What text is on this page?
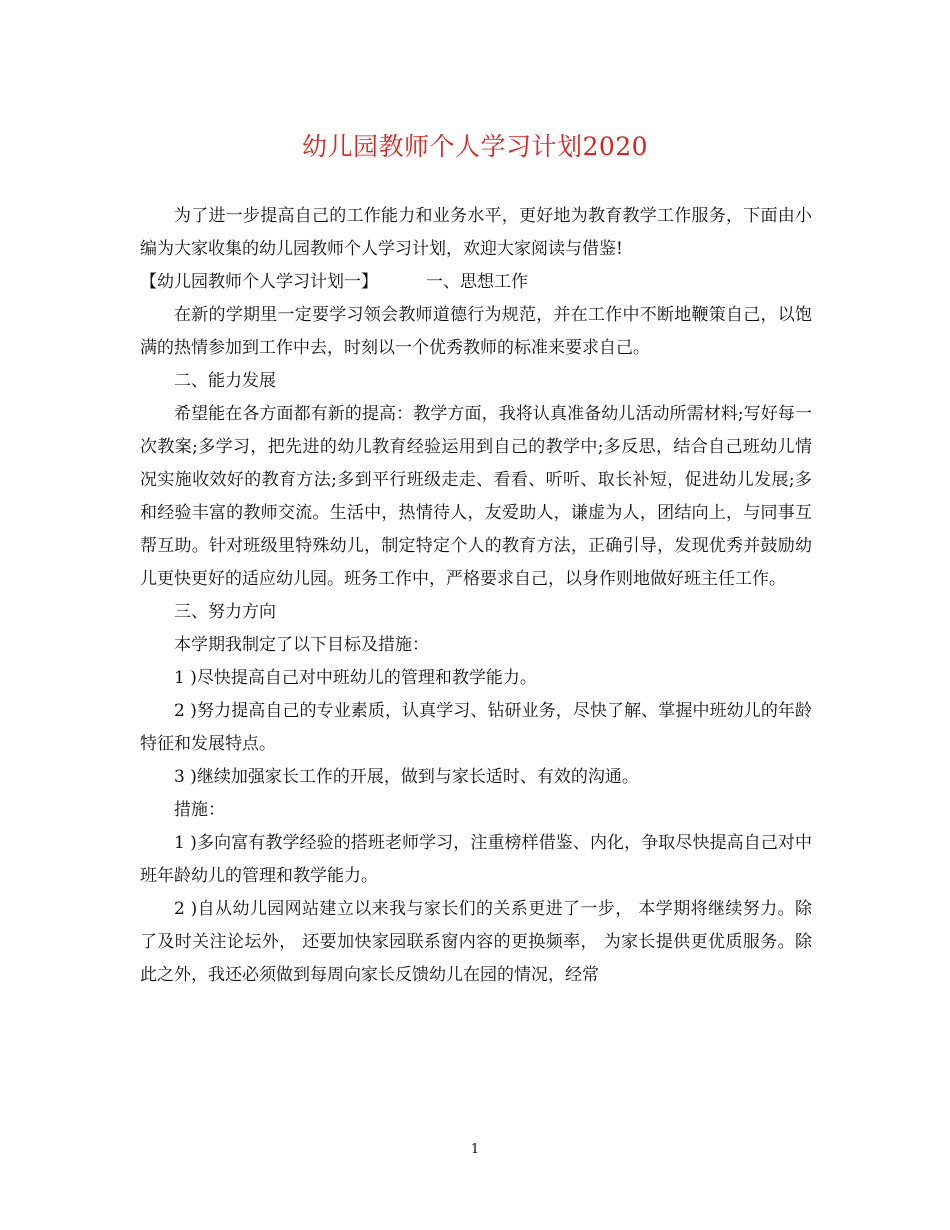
幼儿园教师个人学习计划2020

为了进一步提高自己的工作能力和业务水平，更好地为教育教学工作服务，下面由小编为大家收集的幼儿园教师个人学习计划，欢迎大家阅读与借鉴!

【幼儿园教师个人学习计划一】	一、思想工作

在新的学期里一定要学习领会教师道德行为规范，并在工作中不断地鞭策自己，以饱满的热情参加到工作中去，时刻以一个优秀教师的标准来要求自己。

二、能力发展

希望能在各方面都有新的提高：教学方面，我将认真准备幼儿活动所需材料;写好每一次教案;多学习，把先进的幼儿教育经验运用到自己的教学中;多反思，结合自己班幼儿情况实施收效好的教育方法;多到平行班级走走、看看、听听、取长补短，促进幼儿发展;多和经验丰富的教师交流。生活中，热情待人，友爱助人，谦虚为人，团结向上，与同事互帮互助。针对班级里特殊幼儿，制定特定个人的教育方法，正确引导，发现优秀并鼓励幼儿更快更好的适应幼儿园。班务工作中，严格要求自己，以身作则地做好班主任工作。

三、努力方向

本学期我制定了以下目标及措施：

1 )尽快提高自己对中班幼儿的管理和教学能力。

2 )努力提高自己的专业素质，认真学习、钻研业务，尽快了解、掌握中班幼儿的年龄特征和发展特点。

3 )继续加强家长工作的开展，做到与家长适时、有效的沟通。

措施：

1 )多向富有教学经验的搭班老师学习，注重榜样借鉴、内化，争取尽快提高自己对中班年龄幼儿的管理和教学能力。

2 )自从幼儿园网站建立以来我与家长们的关系更进了一步， 本学期将继续努力。除了及时关注论坛外， 还要加快家园联系窗内容的更换频率， 为家长提供更优质服务。除此之外，我还必须做到每周向家长反馈幼儿在园的情况，经常

1
